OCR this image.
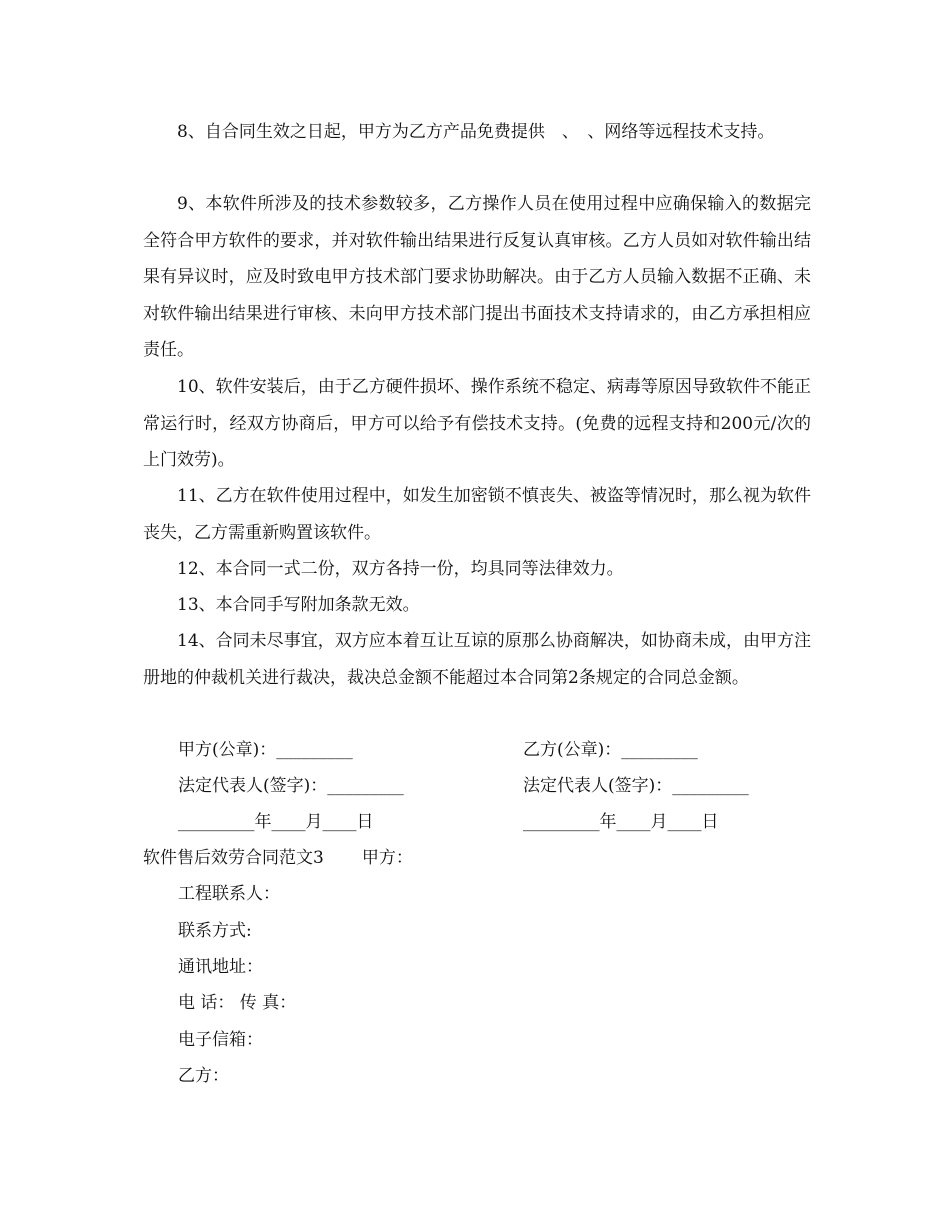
8、自合同生效之日起，甲方为乙方产品免费提供　、　、网络等远程技术支持。

9、本软件所涉及的技术参数较多，乙方操作人员在使用过程中应确保输入的数据完全符合甲方软件的要求，并对软件输出结果进行反复认真审核。乙方人员如对软件输出结果有异议时，应及时致电甲方技术部门要求协助解决。由于乙方人员输入数据不正确、未对软件输出结果进行审核、未向甲方技术部门提出书面技术支持请求的，由乙方承担相应责任。

10、软件安装后，由于乙方硬件损坏、操作系统不稳定、病毒等原因导致软件不能正常运行时，经双方协商后，甲方可以给予有偿技术支持。(免费的远程支持和200元/次的上门效劳)。

11、乙方在软件使用过程中，如发生加密锁不慎丧失、被盗等情况时，那么视为软件丧失，乙方需重新购置该软件。

12、本合同一式二份，双方各持一份，均具同等法律效力。

13、本合同手写附加条款无效。

14、合同未尽事宜，双方应本着互让互谅的原那么协商解决，如协商未成，由甲方注册地的仲裁机关进行裁决，裁决总金额不能超过本合同第2条规定的合同总金额。

甲方(公章)：_________	乙方(公章)：_________
法定代表人(签字)：_________	法定代表人(签字)：_________
_________年____月____日	_________年____月____日
软件售后效劳合同范文3 甲方：
工程联系人：
联系方式:
通讯地址：
电 话： 传 真：
电子信箱：
乙方：
